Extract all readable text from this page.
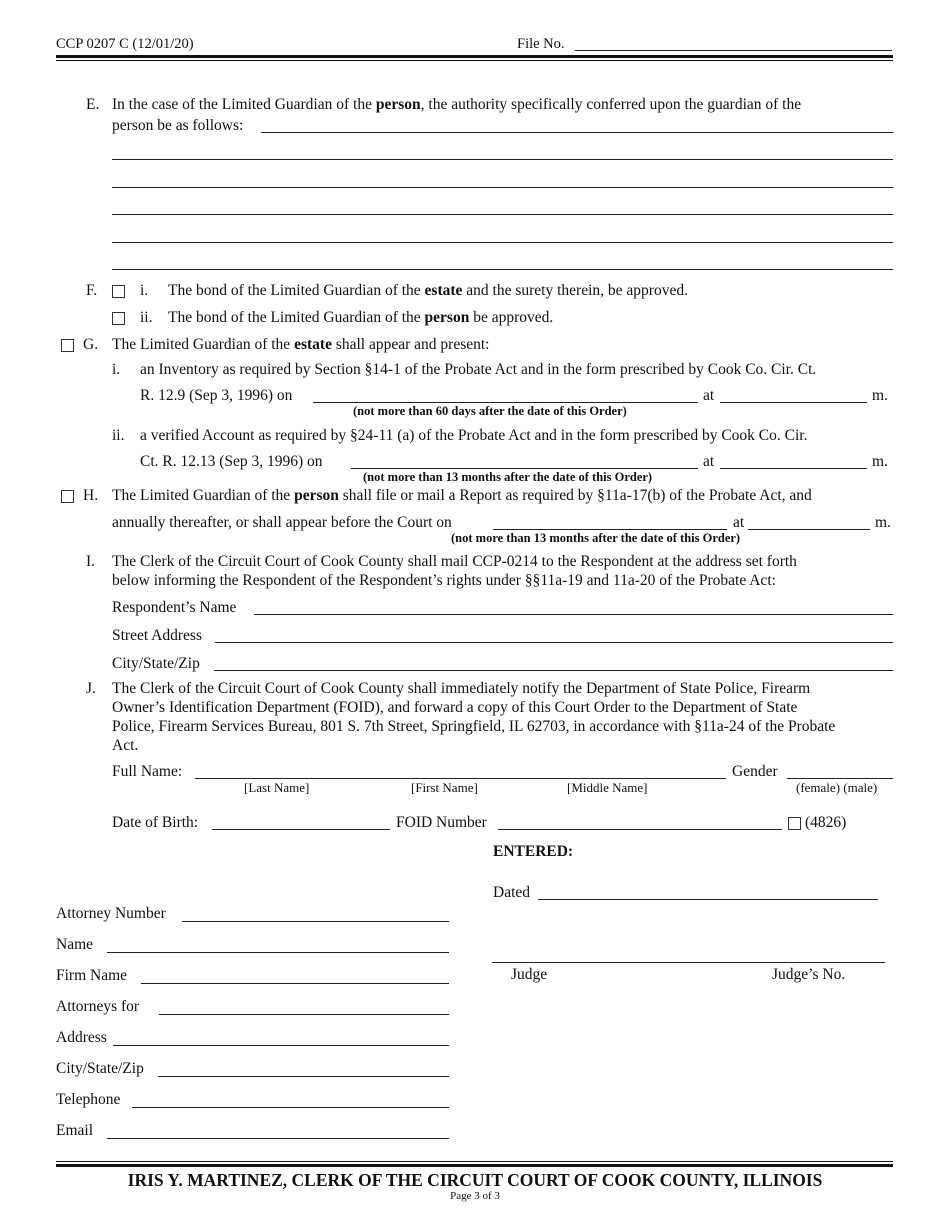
CCP 0207 C (12/01/20)	File No.
E. In the case of the Limited Guardian of the person, the authority specifically conferred upon the guardian of the
person be as follows:
F.	i. The bond of the Limited Guardian of the estate and the surety therein, be approved.
ii. The bond of the Limited Guardian of the person be approved.
G. The Limited Guardian of the estate shall appear and present:
i. an Inventory as required by Section §14-1 of the Probate Act and in the form prescribed by Cook Co. Cir. Ct.
R. 12.9 (Sep 3, 1996) on	at	m.
(not more than 60 days after the date of this Order)
ii. a verified Account as required by §24-11 (a) of the Probate Act and in the form prescribed by Cook Co. Cir.
Ct. R. 12.13 (Sep 3, 1996) on	at	m.
(not more than 13 months after the date of this Order)
H. The Limited Guardian of the person shall file or mail a Report as required by §11a-17(b) of the Probate Act, and
annually thereafter, or shall appear before the Court on	at	m.
(not more than 13 months after the date of this Order)
I. The Clerk of the Circuit Court of Cook County shall mail CCP-0214 to the Respondent at the address set forth
below informing the Respondent of the Respondent’s rights under §§11a-19 and 11a-20 of the Probate Act:
Respondent’s Name
Street Address
City/State/Zip
J. The Clerk of the Circuit Court of Cook County shall immediately notify the Department of State Police, Firearm
Owner’s Identification Department (FOID), and forward a copy of this Court Order to the Department of State
Police, Firearm Services Bureau, 801 S. 7th Street, Springfield, IL 62703, in accordance with §11a-24 of the Probate
Act.
Full Name:
[Last Name]	[First Name]	[Middle Name]
Gender
(female) (male)
Date of Birth:	FOID Number	(4826)
ENTERED:
Dated
Judge	Judge’s No.
Attorney Number
Name
Firm Name
Attorneys for
Address
City/State/Zip
Telephone
Email
IRIS Y. MARTINEZ, CLERK OF THE CIRCUIT COURT OF COOK COUNTY, ILLINOIS
Page 3 of 3
